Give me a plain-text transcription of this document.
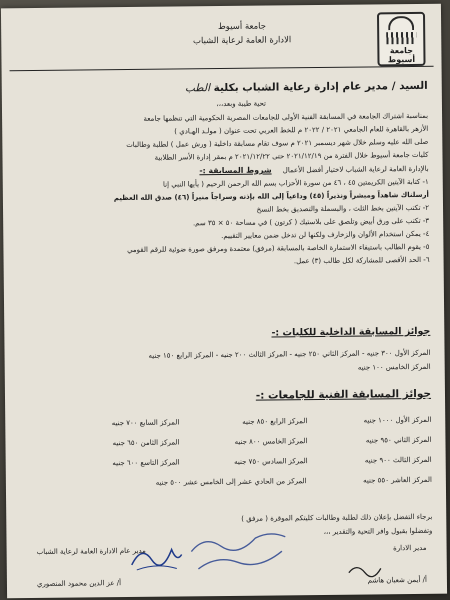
جامعة
أسيوط
جامعة أسيوط
الادارة العامة لرعاية الشباب
السيد / مدير عام إدارة رعاية الشباب بكلية الطب
تحية طيبة وبعد،،،

بمناسبة اشتراك الجامعة في المسابقة الفنية الأولى للجامعات المصرية الحكومية التي تنظمها جامعة

الأزهر بالقاهرة للعام الجامعي ٢٠٢١ / ٢٠٢٢ م للخط العربي تحت عنوان ( مولـد الهـادي )

صلى الله عليه وسلم خلال شهر ديسمبر ٢٠٢١ م سوف تقام مسابقة داخلية ( ورش عمل ) لطلبة وطالبات

كليات جامعة أسيوط خلال الفترة من ٢٠٢١/١٢/١٩ حتى ٢٠٢١/١٢/٢٢ م بمقر إدارة الأسر الطلابية

بالإدارة العامة لرعاية الشباب لاختيار أفضل الأعمال     شروط المسابقة :-

١- كتابة الآيتين الكريمتين ٤٥ ، ٤٦ من سورة الأحزاب بسم الله الرحمن الرحيم ( يأيها النبي إنا

أرسلناك شاهداً ومبشراً ونذيراً (٤٥) وداعياً إلى الله بإذنه وسراجاً منيراً (٤٦) صدق الله العظيم

٢- تكتب الآيتين بخط الثلث ، والبسملة والتصديق بخط النسخ

٣- تكتب على ورق أبيض وتلصق على بلاستيك ( كرتون ) في مساحة ٥٠ × ٣٥ سم.

٤- يمكن استخدام الألوان والزخارف ولكنها لن تدخل ضمن معايير التقييم.

٥- يقوم الطالب باستيفاء الاستمارة الخاصة بالمسابقة (مرفق) معتمدة ومرفق صورة ضوئية للرقم القومي

٦- الحد الأقصى للمشاركة لكل طالب (٣) عمل.

جوائز المسابقة الداخلية للكليات :-
المركز الأول ٣٠٠ جنيه - المركز الثاني ٢٥٠ جنيه - المركز الثالث ٢٠٠ جنيه - المركز الرابع ١٥٠ جنيه
المركز الخامس ١٠٠ جنيه
جوائز المسابقة الفنية للجامعات :-
المركز الأول ١٠٠٠ جنيه
المركز الرابع ٨٥٠ جنيه
المركز السابع ٧٠٠ جنيه
المركز الثاني ٩٥٠ جنيه
المركز الخامس ٨٠٠ جنيه
المركز الثامن ٦٥٠ جنيه
المركز الثالث ٩٠٠ جنيه
المركز السادس ٧٥٠ جنيه
المركز التاسع ٦٠٠ جنيه
المركز العاشر ٥٥٠ جنيه
المركز من الحادي عشر إلى الخامس عشر ٥٠٠ جنيه
برجاء التفضل بإعلان ذلك لطلبة وطالبات كليتكم الموقرة ( مرفق )
وتفضلوا بقبول وافر التحية والتقدير ،،،
مدير الادارة
أ/ أيمن شعبان هاشم
مدير عام الادارة العامة لرعاية الشباب
أ/ عز الدين محمود المنصوري
